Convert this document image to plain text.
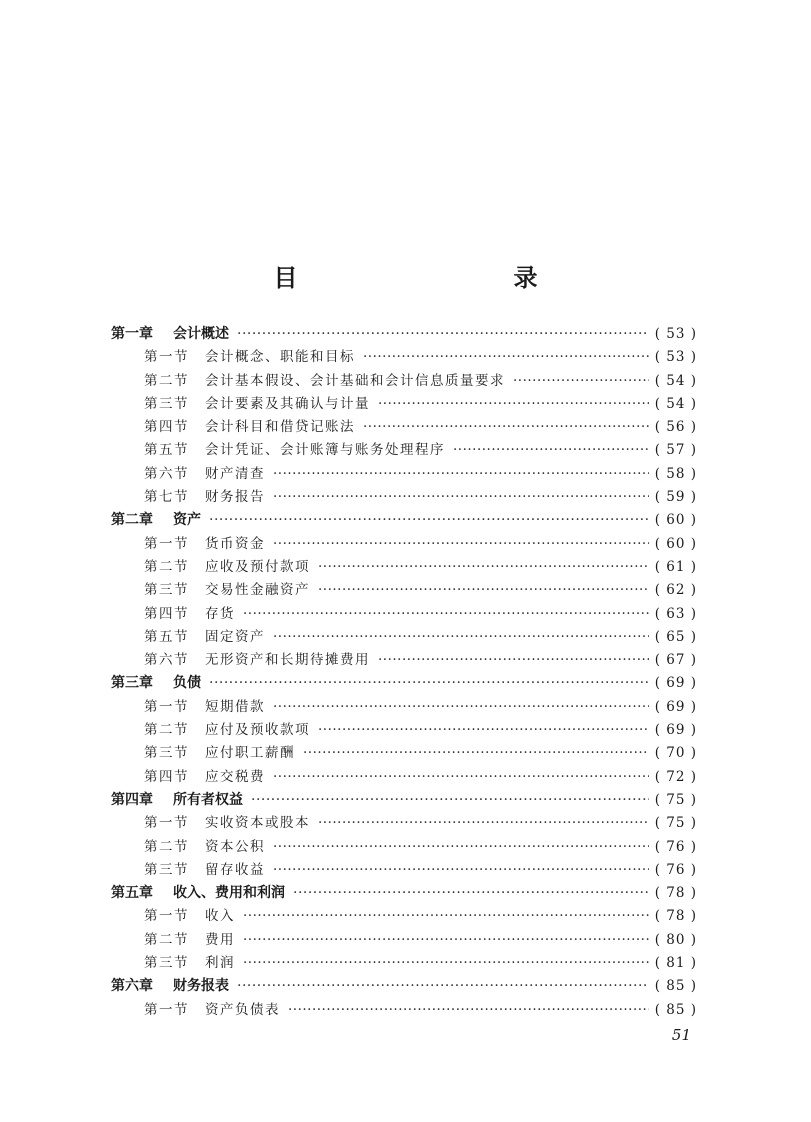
目　　录
第一章	会计概述 ·····	( 53 )
第一节	会计概念、职能和目标 ·····	( 53 )
第二节	会计基本假设、会计基础和会计信息质量要求 ·····	( 54 )
第三节	会计要素及其确认与计量 ·····	( 54 )
第四节	会计科目和借贷记账法 ·····	( 56 )
第五节	会计凭证、会计账簿与账务处理程序 ·····	( 57 )
第六节	财产清查 ·····	( 58 )
第七节	财务报告 ·····	( 59 )
第二章	资产 ·····	( 60 )
第一节	货币资金 ·····	( 60 )
第二节	应收及预付款项 ·····	( 61 )
第三节	交易性金融资产 ·····	( 62 )
第四节	存货 ·····	( 63 )
第五节	固定资产 ·····	( 65 )
第六节	无形资产和长期待摊费用 ·····	( 67 )
第三章	负债 ·····	( 69 )
第一节	短期借款 ·····	( 69 )
第二节	应付及预收款项 ·····	( 69 )
第三节	应付职工薪酬 ·····	( 70 )
第四节	应交税费 ·····	( 72 )
第四章	所有者权益 ·····	( 75 )
第一节	实收资本或股本 ·····	( 75 )
第二节	资本公积 ·····	( 76 )
第三节	留存收益 ·····	( 76 )
第五章	收入、费用和利润 ·····	( 78 )
第一节	收入 ·····	( 78 )
第二节	费用 ·····	( 80 )
第三节	利润 ·····	( 81 )
第六章	财务报表 ·····	( 85 )
第一节	资产负债表 ·····	( 85 )

51
